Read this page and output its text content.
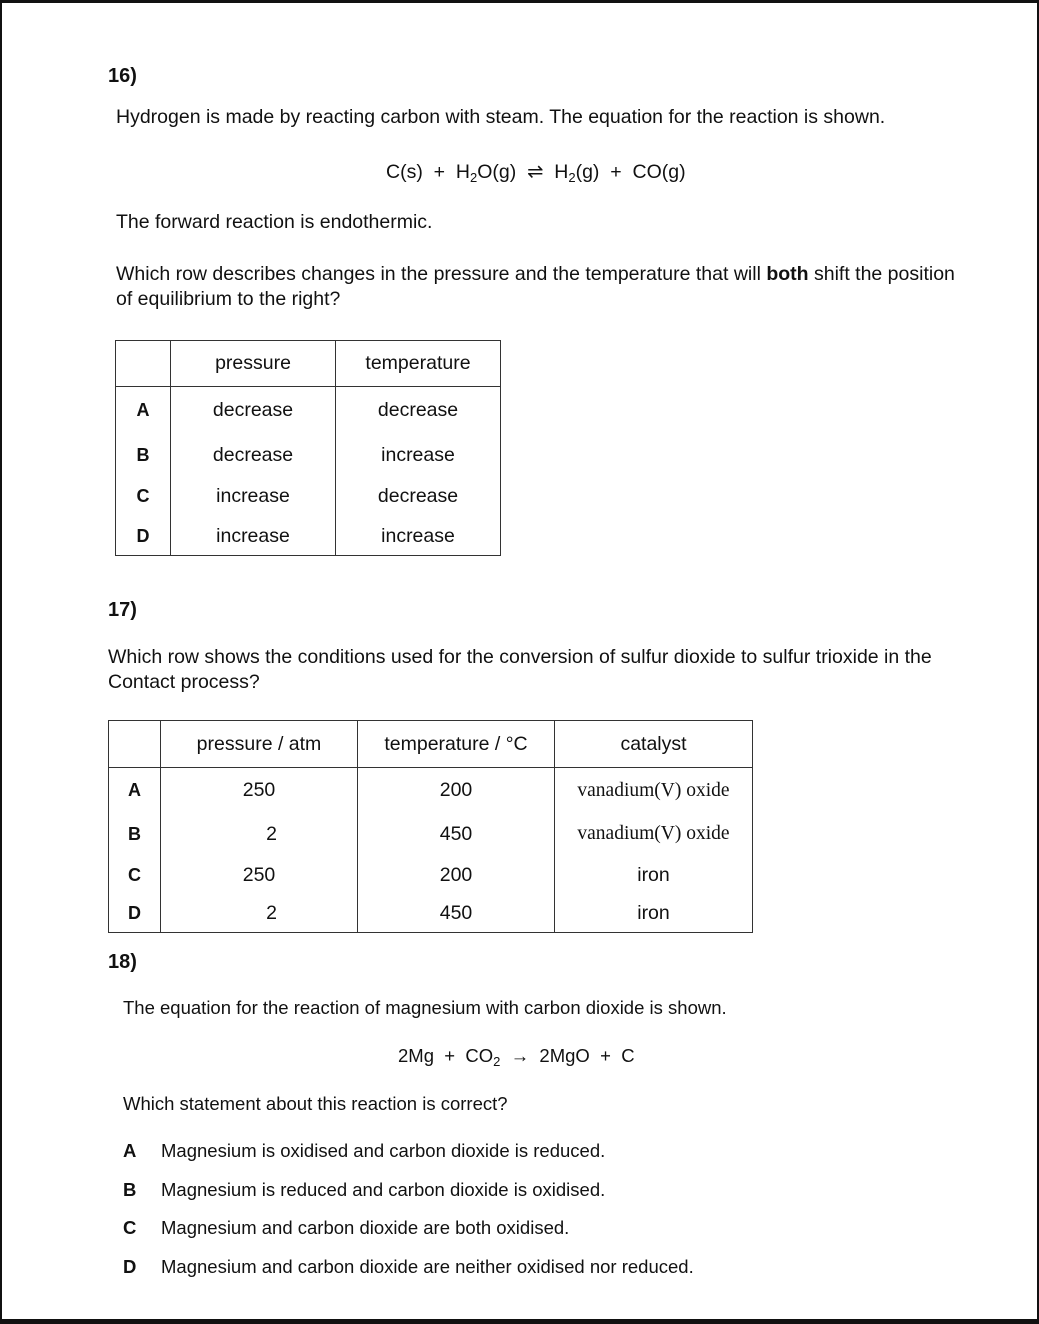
16)
Hydrogen is made by reacting carbon with steam. The equation for the reaction is shown.
$C(s) + H_2O(g)$ ⇌ $H_2(g) + CO(g)$
The forward reaction is endothermic.
Which row describes changes in the pressure and the temperature that will both shift the position
of equilibrium to the right?
	pressure	temperature
A	decrease	decrease
B	decrease	increase
C	increase	decrease
D	increase	increase
17)
Which row shows the conditions used for the conversion of sulfur dioxide to sulfur trioxide in the
Contact process?
	pressure / atm	temperature / °C	catalyst
A	250	200	vanadium(V) oxide
B	2	450	vanadium(V) oxide
C	250	200	iron
D	2	450	iron
18)
The equation for the reaction of magnesium with carbon dioxide is shown.
$2Mg + CO_2 \to 2MgO + C$
Which statement about this reaction is correct?
A Magnesium is oxidised and carbon dioxide is reduced.
B Magnesium is reduced and carbon dioxide is oxidised.
C Magnesium and carbon dioxide are both oxidised.
D Magnesium and carbon dioxide are neither oxidised nor reduced.
